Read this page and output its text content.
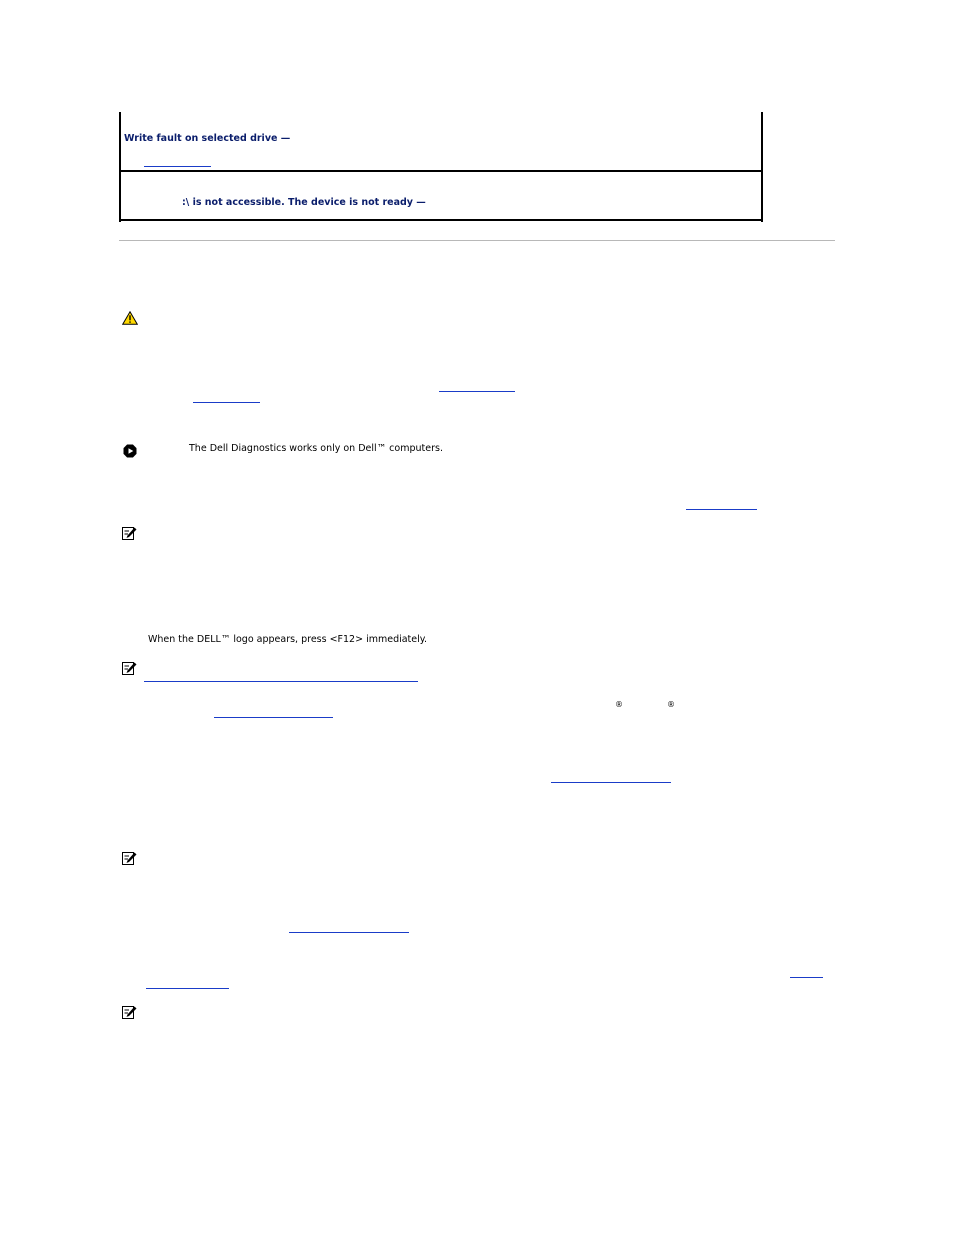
Write fault on selected drive —
:\ is not accessible. The device is not ready —
The Dell Diagnostics works only on Dell™ computers.
When the DELL™ logo appears, press <F12> immediately.
®	®
